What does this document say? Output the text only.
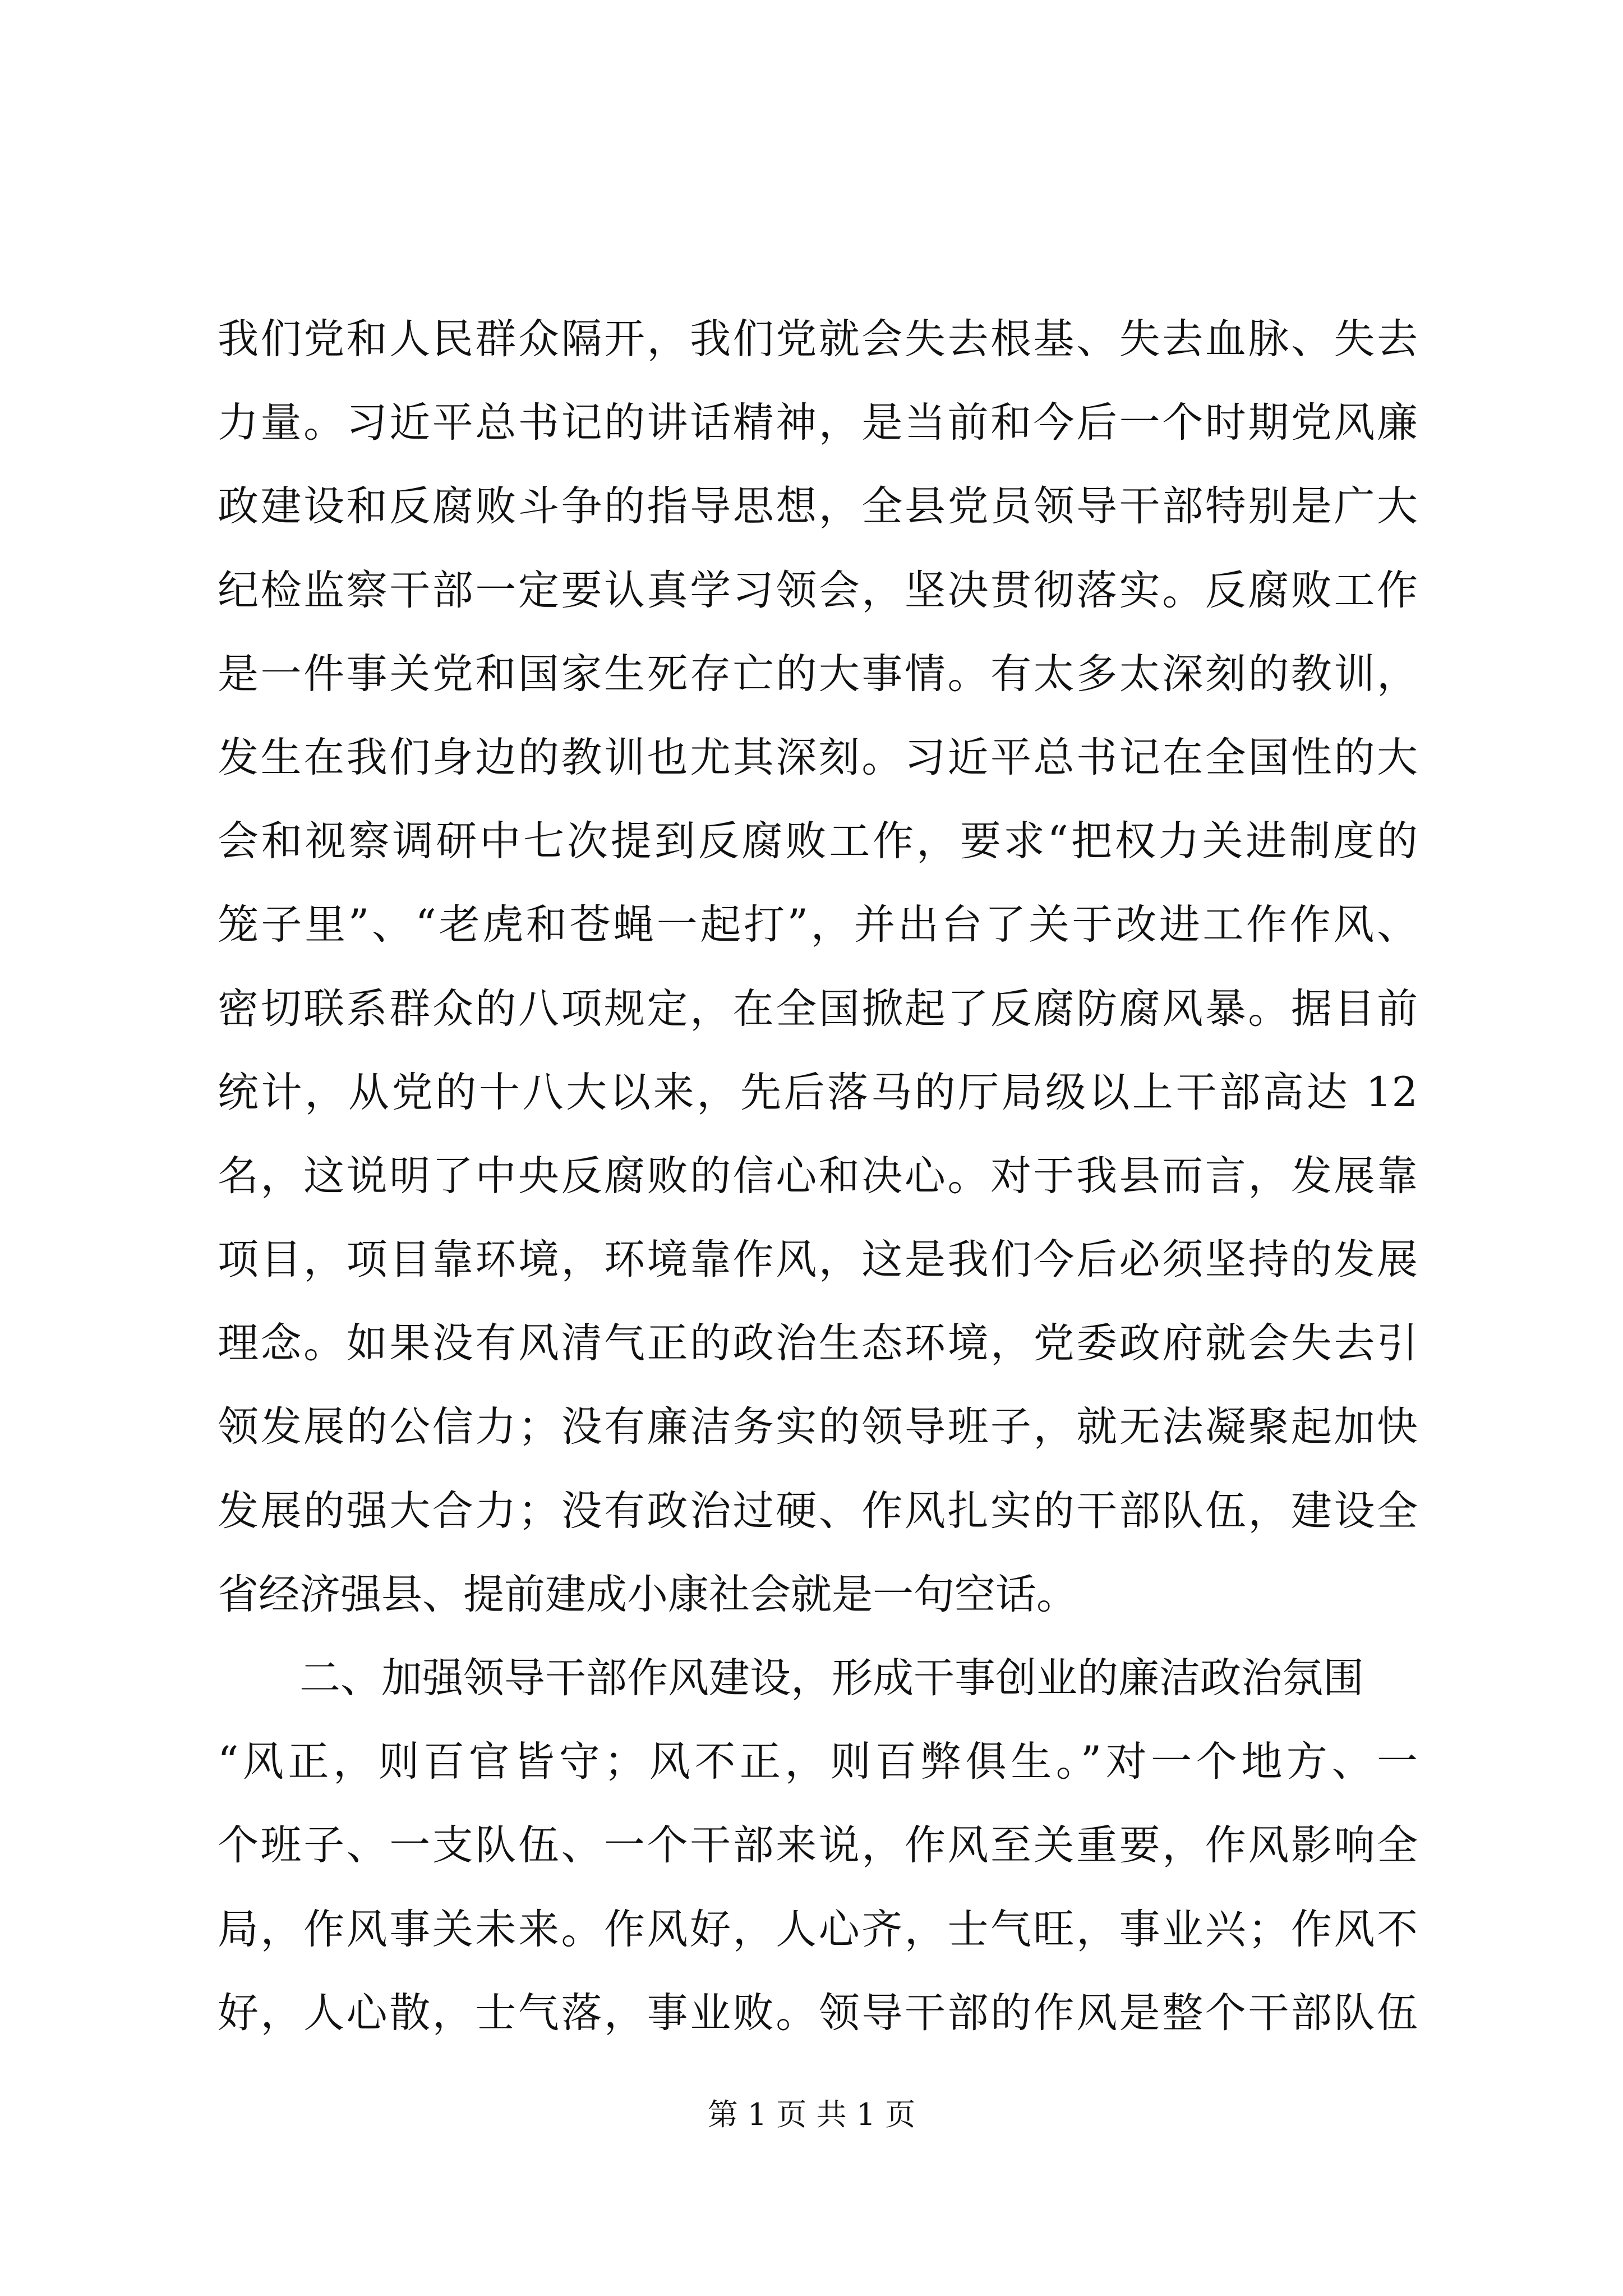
我们党和人民群众隔开，我们党就会失去根基、失去血脉、失去
力量。习近平总书记的讲话精神，是当前和今后一个时期党风廉
政建设和反腐败斗争的指导思想，全县党员领导干部特别是广大
纪检监察干部一定要认真学习领会，坚决贯彻落实。反腐败工作
是一件事关党和国家生死存亡的大事情。有太多太深刻的教训，
发生在我们身边的教训也尤其深刻。习近平总书记在全国性的大
会和视察调研中七次提到反腐败工作，要求“把权力关进制度的
笼子里”、“老虎和苍蝇一起打”，并出台了关于改进工作作风、
密切联系群众的八项规定，在全国掀起了反腐防腐风暴。据目前
统计，从党的十八大以来，先后落马的厅局级以上干部高达 12
名，这说明了中央反腐败的信心和决心。对于我县而言，发展靠
项目，项目靠环境，环境靠作风，这是我们今后必须坚持的发展
理念。如果没有风清气正的政治生态环境，党委政府就会失去引
领发展的公信力；没有廉洁务实的领导班子，就无法凝聚起加快
发展的强大合力；没有政治过硬、作风扎实的干部队伍，建设全
省经济强县、提前建成小康社会就是一句空话。
二、加强领导干部作风建设，形成干事创业的廉洁政治氛围
“风正，则百官皆守；风不正，则百弊俱生。”对一个地方、一
个班子、一支队伍、一个干部来说，作风至关重要，作风影响全
局，作风事关未来。作风好，人心齐，士气旺，事业兴；作风不
好，人心散，士气落，事业败。领导干部的作风是整个干部队伍
第 1 页 共 1 页
